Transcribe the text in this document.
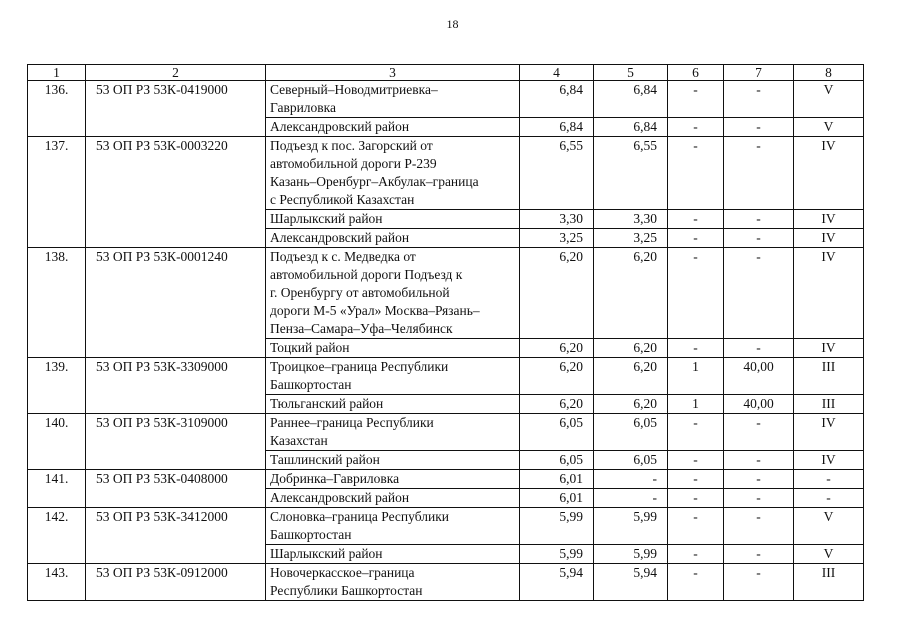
18
1	2	3	4	5	6	7	8
136.	53 ОП РЗ 53К-0419000	Северный–Новодмитриевка–
Гавриловка	6,84	6,84	-	-	V

		Александровский район	6,84	6,84	-	-	V
137.	53 ОП РЗ 53К-0003220	Подъезд к пос. Загорский от
автомобильной дороги Р-239
Казань–Оренбург–Акбулак–граница
с Республикой Казахстан	6,55	6,55	-	-	IV

		Шарлыкский район	3,30	3,30	-	-	IV

		Александровский район	3,25	3,25	-	-	IV
138.	53 ОП РЗ 53К-0001240	Подъезд к с. Медведка от
автомобильной дороги Подъезд к
г. Оренбургу от автомобильной
дороги М-5 «Урал» Москва–Рязань–
Пенза–Самара–Уфа–Челябинск	6,20	6,20	-	-	IV

		Тоцкий район	6,20	6,20	-	-	IV
139.	53 ОП РЗ 53К-3309000	Троицкое–граница Республики
Башкортостан	6,20	6,20	1	40,00	III

		Тюльганский район	6,20	6,20	1	40,00	III
140.	53 ОП РЗ 53К-3109000	Раннее–граница Республики
Казахстан	6,05	6,05	-	-	IV

		Ташлинский район	6,05	6,05	-	-	IV
141.	53 ОП РЗ 53К-0408000	Добринка–Гавриловка	6,01	-	-	-	-

		Александровский район	6,01	-	-	-	-
142.	53 ОП РЗ 53К-3412000	Слоновка–граница Республики
Башкортостан	5,99	5,99	-	-	V

		Шарлыкский район	5,99	5,99	-	-	V
143.	53 ОП РЗ 53К-0912000	Новочеркасское–граница
Республики Башкортостан	5,94	5,94	-	-	III
